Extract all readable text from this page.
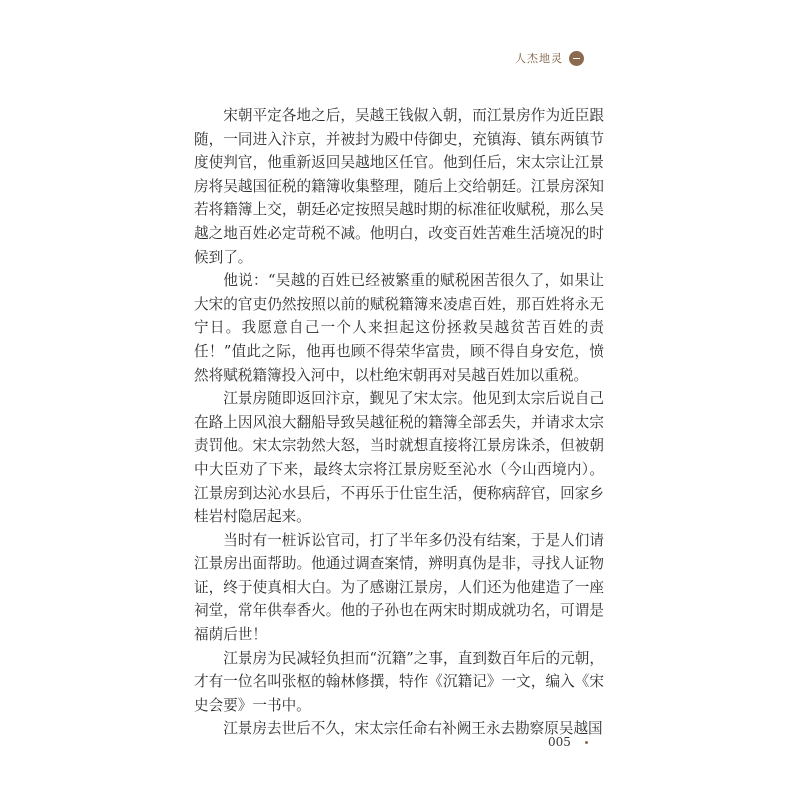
人杰地灵

宋朝平定各地之后，吴越王钱俶入朝，而江景房作为近臣跟随，一同进入汴京，并被封为殿中侍御史，充镇海、镇东两镇节度使判官，他重新返回吴越地区任官。他到任后，宋太宗让江景房将吴越国征税的籍簿收集整理，随后上交给朝廷。江景房深知若将籍簿上交，朝廷必定按照吴越时期的标准征收赋税，那么吴越之地百姓必定苛税不减。他明白，改变百姓苦难生活境况的时候到了。

他说：“吴越的百姓已经被繁重的赋税困苦很久了，如果让大宋的官吏仍然按照以前的赋税籍簿来凌虐百姓，那百姓将永无宁日。我愿意自己一个人来担起这份拯救吴越贫苦百姓的责任！”值此之际，他再也顾不得荣华富贵，顾不得自身安危，愤然将赋税籍簿投入河中，以杜绝宋朝再对吴越百姓加以重税。

江景房随即返回汴京，觐见了宋太宗。他见到太宗后说自己在路上因风浪大翻船导致吴越征税的籍簿全部丢失，并请求太宗责罚他。宋太宗勃然大怒，当时就想直接将江景房诛杀，但被朝中大臣劝了下来，最终太宗将江景房贬至沁水（今山西境内）。江景房到达沁水县后，不再乐于仕宦生活，便称病辞官，回家乡桂岩村隐居起来。

当时有一桩诉讼官司，打了半年多仍没有结案，于是人们请江景房出面帮助。他通过调查案情，辨明真伪是非，寻找人证物证，终于使真相大白。为了感谢江景房，人们还为他建造了一座祠堂，常年供奉香火。他的子孙也在两宋时期成就功名，可谓是福荫后世！

江景房为民减轻负担而“沉籍”之事，直到数百年后的元朝，才有一位名叫张枢的翰林修撰，特作《沉籍记》一文，编入《宋史会要》一书中。

江景房去世后不久，宋太宗任命右补阙王永去勘察原吴越国

005
